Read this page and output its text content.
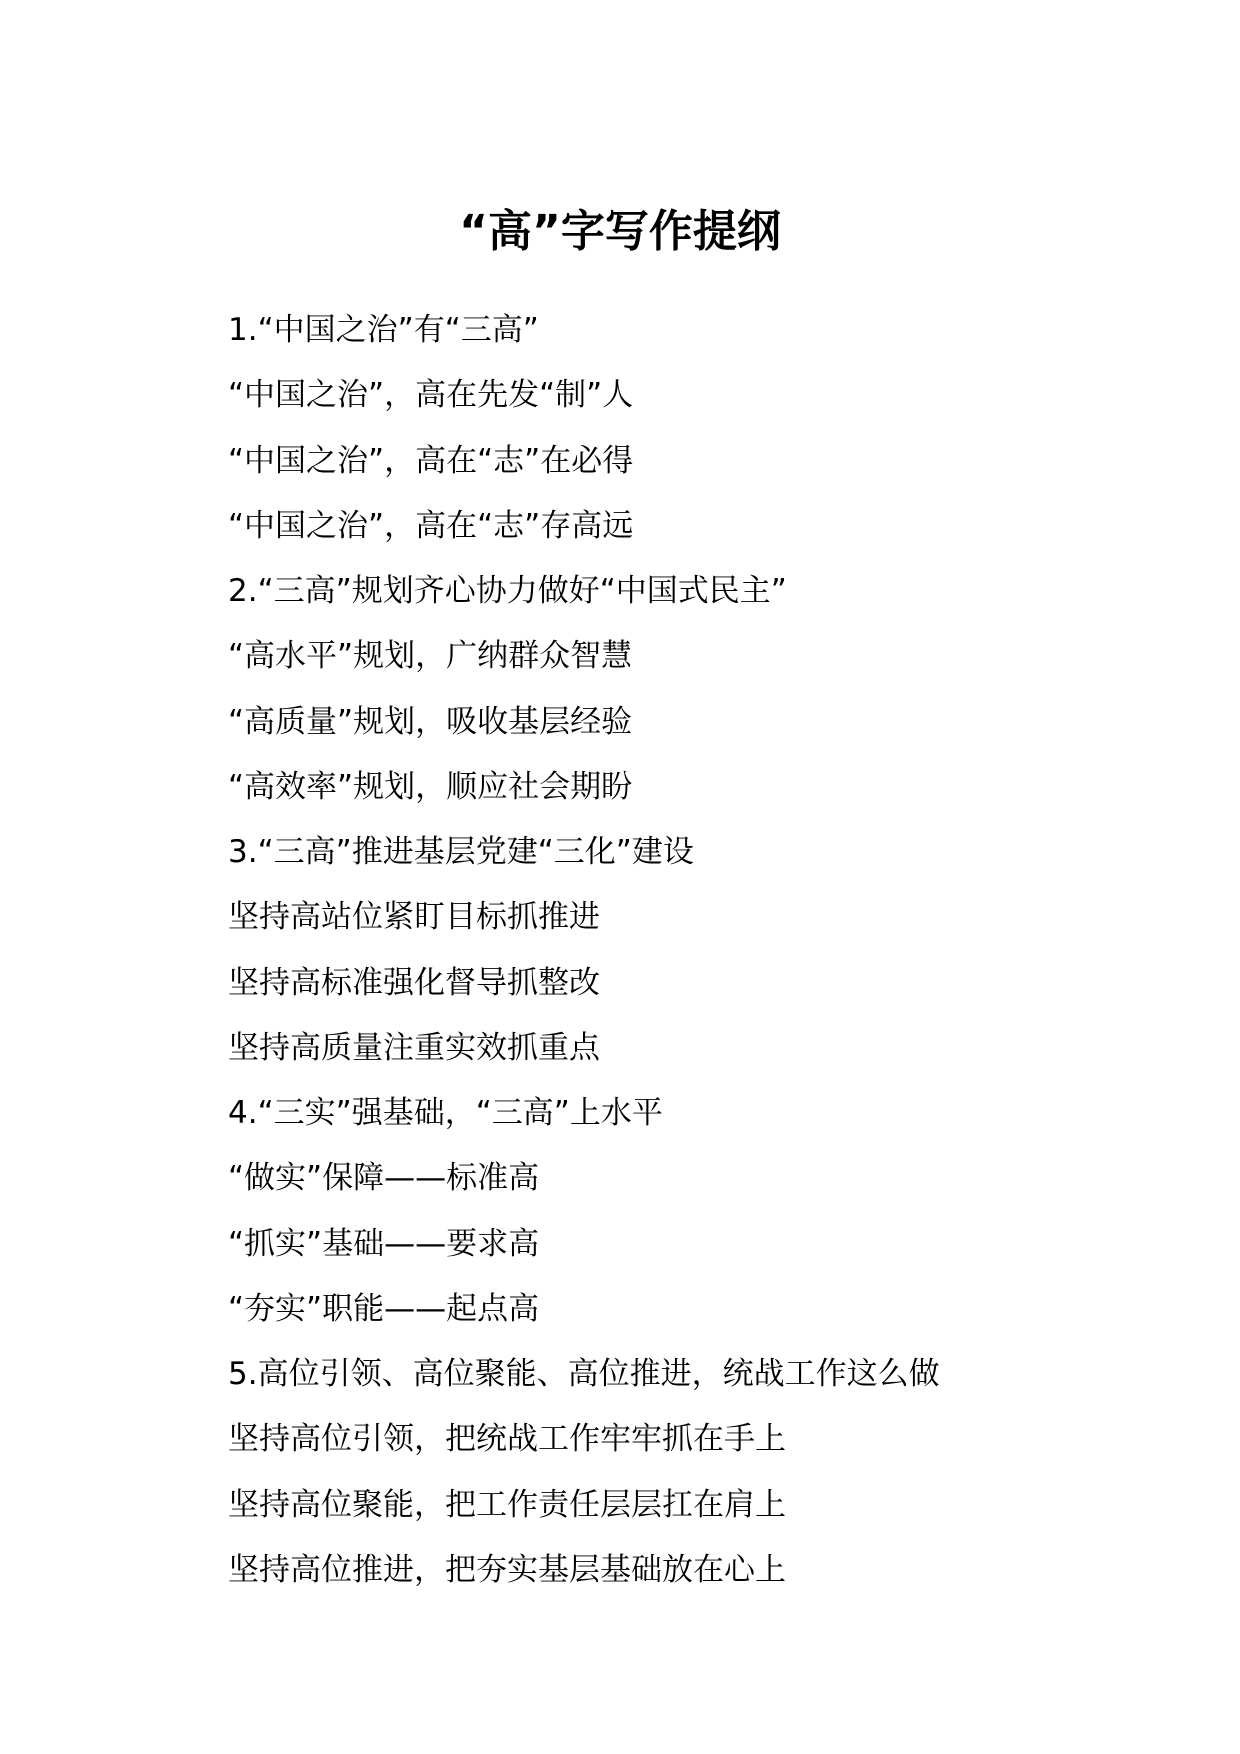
“高”字写作提纲
1.“中国之治”有“三高”
“中国之治”，高在先发“制”人
“中国之治”，高在“志”在必得
“中国之治”，高在“志”存高远
2.“三高”规划齐心协力做好“中国式民主”
“高水平”规划，广纳群众智慧
“高质量”规划，吸收基层经验
“高效率”规划，顺应社会期盼
3.“三高”推进基层党建“三化”建设
坚持高站位紧盯目标抓推进
坚持高标准强化督导抓整改
坚持高质量注重实效抓重点
4.“三实”强基础，“三高”上水平
“做实”保障——标准高
“抓实”基础——要求高
“夯实”职能——起点高
5.高位引领、高位聚能、高位推进，统战工作这么做
坚持高位引领，把统战工作牢牢抓在手上
坚持高位聚能，把工作责任层层扛在肩上
坚持高位推进，把夯实基层基础放在心上
